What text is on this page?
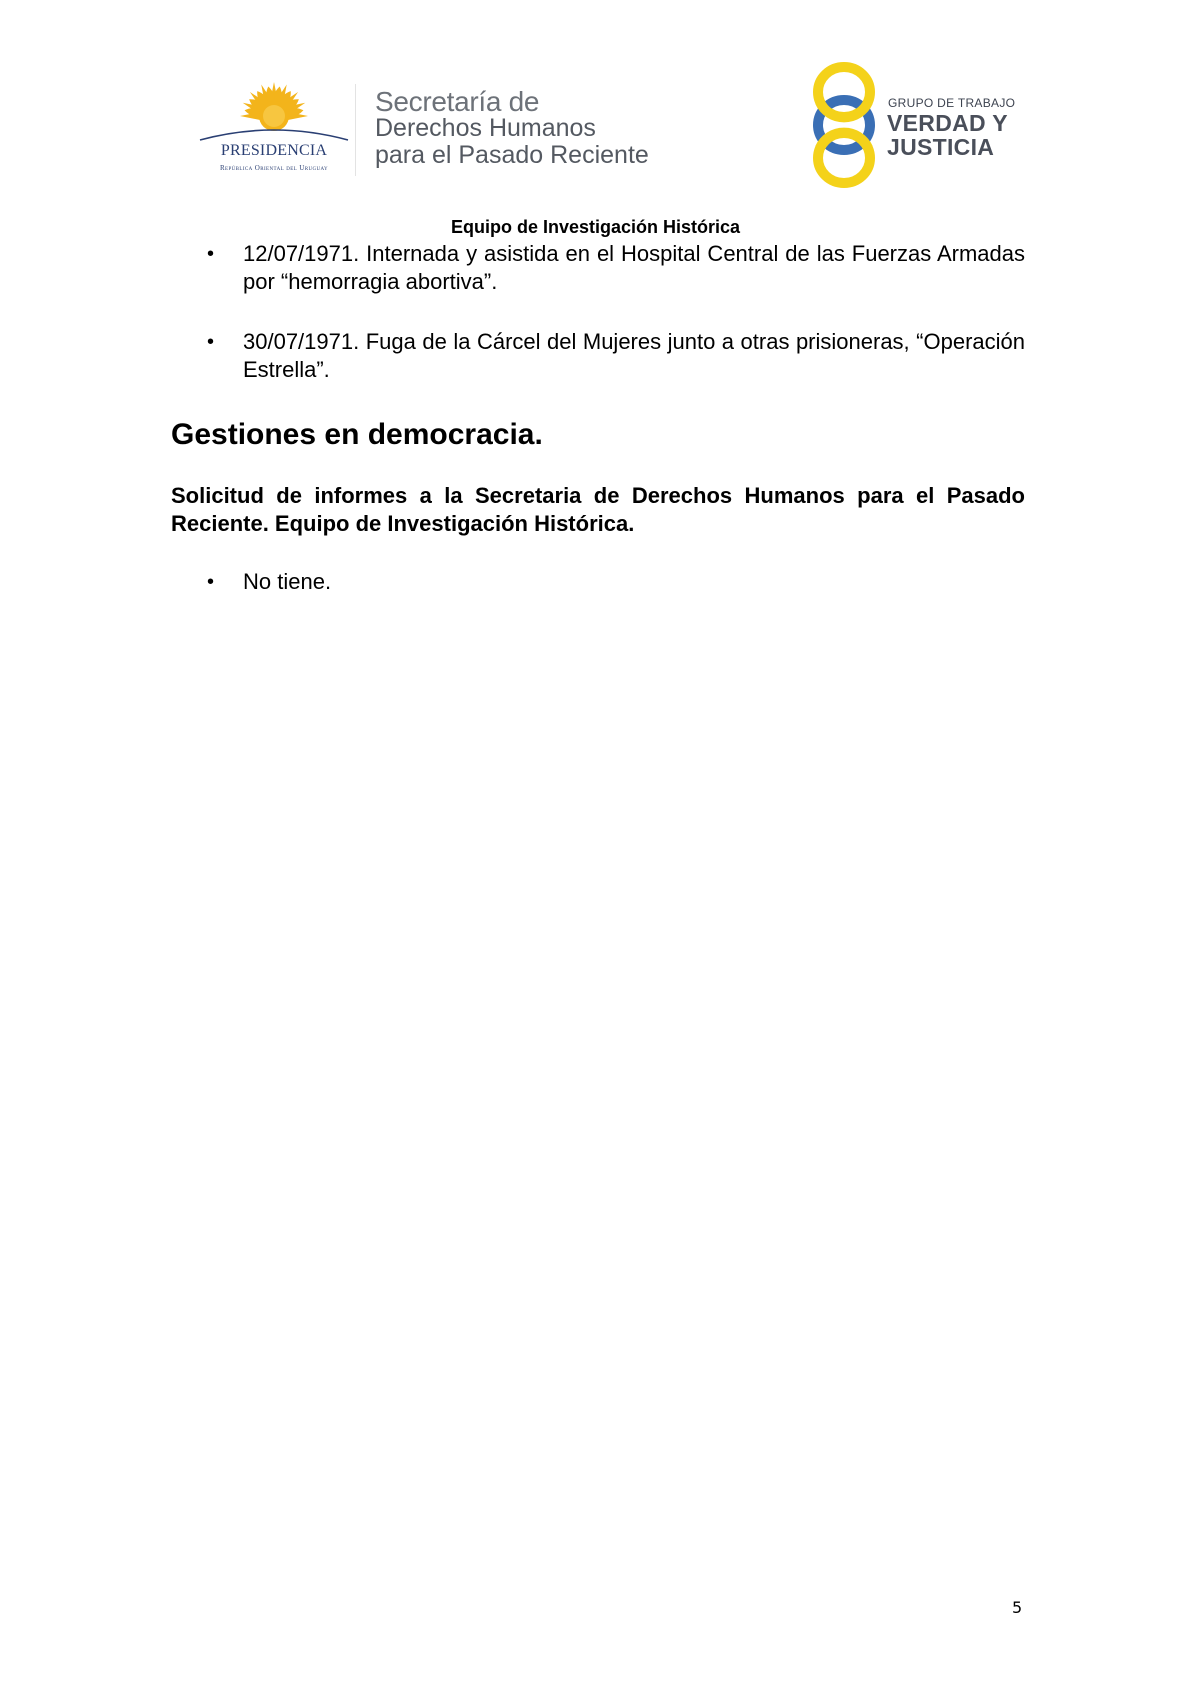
PRESIDENCIA
República Oriental del Uruguay
Secretaría de
Derechos Humanos
para el Pasado Reciente
GRUPO DE TRABAJO
VERDAD Y
JUSTICIA
Equipo de Investigación Histórica
• 12/07/1971. Internada y asistida en el Hospital Central de las Fuerzas Armadas por “hemorragia abortiva”.
• 30/07/1971. Fuga de la Cárcel del Mujeres junto a otras prisioneras, “Operación Estrella”.
Gestiones en democracia.
Solicitud de informes a la Secretaria de Derechos Humanos para el Pasado Reciente. Equipo de Investigación Histórica.
• No tiene.
5
